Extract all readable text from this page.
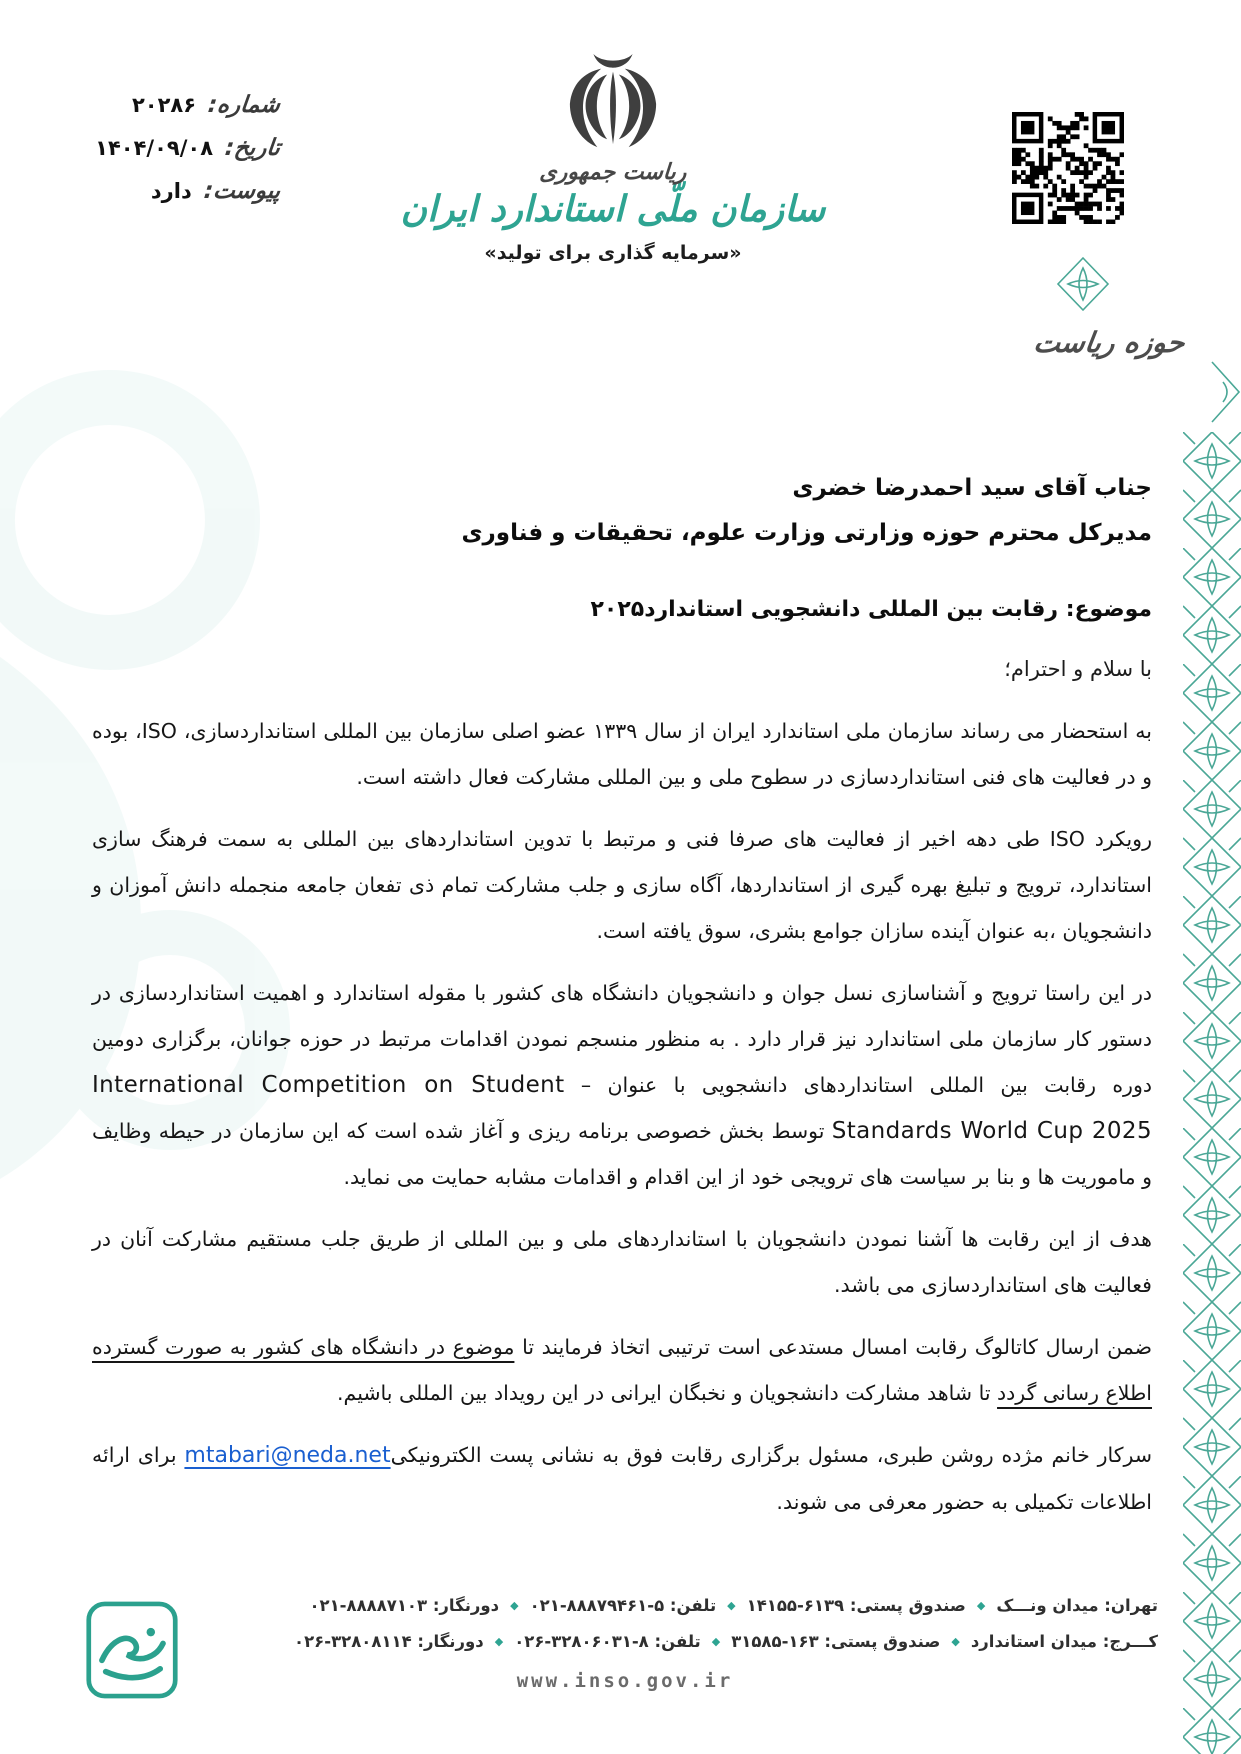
شماره:
۲۰۲۸۶
تاریخ:
۱۴۰۴/۰۹/۰۸
پیوست:
دارد
ریاست جمهوری
سازمان ملّی استاندارد ایران
«سرمایه گذاری برای تولید»
حوزه ریاست
جناب آقای سید احمدرضا خضری
مدیرکل محترم حوزه وزارتی وزارت علوم، تحقیقات و فناوری
موضوع: رقابت بین المللی دانشجویی استاندارد۲۰۲۵
با سلام و احترام؛
به استحضار می رساند سازمان ملی استاندارد ایران از سال ۱۳۳۹ عضو اصلی سازمان بین المللی استانداردسازی، ISO، بوده و در فعالیت های فنی استانداردسازی در سطوح ملی و بین المللی مشارکت فعال داشته است.
رویکرد ISO طی دهه اخیر از فعالیت های صرفا فنی و مرتبط با تدوین استانداردهای بین المللی به سمت فرهنگ سازی استاندارد، ترویج و تبلیغ بهره گیری از استانداردها، آگاه سازی و جلب مشارکت تمام ذی تفعان جامعه منجمله دانش آموزان و دانشجویان ،به عنوان آینده سازان جوامع بشری، سوق یافته است.
در این راستا ترویج و آشناسازی نسل جوان و دانشجویان دانشگاه های کشور با مقوله استاندارد و اهمیت استانداردسازی در دستور کار سازمان ملی استاندارد نیز قرار دارد . به منظور منسجم نمودن اقدامات مرتبط در حوزه جوانان، برگزاری دومین دوره رقابت بین المللی استانداردهای دانشجویی با عنوان – International Competition on Student Standards World Cup 2025 توسط بخش خصوصی برنامه ریزی و آغاز شده است که این سازمان در حیطه وظایف و ماموریت ها و بنا بر سیاست های ترویجی خود از این اقدام و اقدامات مشابه حمایت می نماید.
هدف از این رقابت ها آشنا نمودن دانشجویان با استانداردهای ملی و بین المللی از طریق جلب مستقیم مشارکت آنان در فعالیت های استانداردسازی می باشد.
ضمن ارسال کاتالوگ رقابت امسال مستدعی است ترتیبی اتخاذ فرمایند تا موضوع در دانشگاه های کشور به صورت گسترده اطلاع رسانی گردد تا شاهد مشارکت دانشجویان و نخبگان ایرانی در این رویداد بین المللی باشیم.
سرکار خانم مژده روشن طبری، مسئول برگزاری رقابت فوق به نشانی پست الکترونیکیmtabari@neda.net برای ارائه اطلاعات تکمیلی به حضور معرفی می شوند.
تهران: میدان ونـــک◆صندوق پستی: ۱۴۱۵۵-۶۱۳۹◆تلفن: ۰۲۱-۸۸۸۷۹۴۶۱-۵◆دورنگار: ۰۲۱-۸۸۸۸۷۱۰۳
کـــرج: میدان استاندارد◆صندوق پستی: ۳۱۵۸۵-۱۶۳◆تلفن: ۰۲۶-۳۲۸۰۶۰۳۱-۸◆دورنگار: ۰۲۶-۳۲۸۰۸۱۱۴
www.inso.gov.ir
